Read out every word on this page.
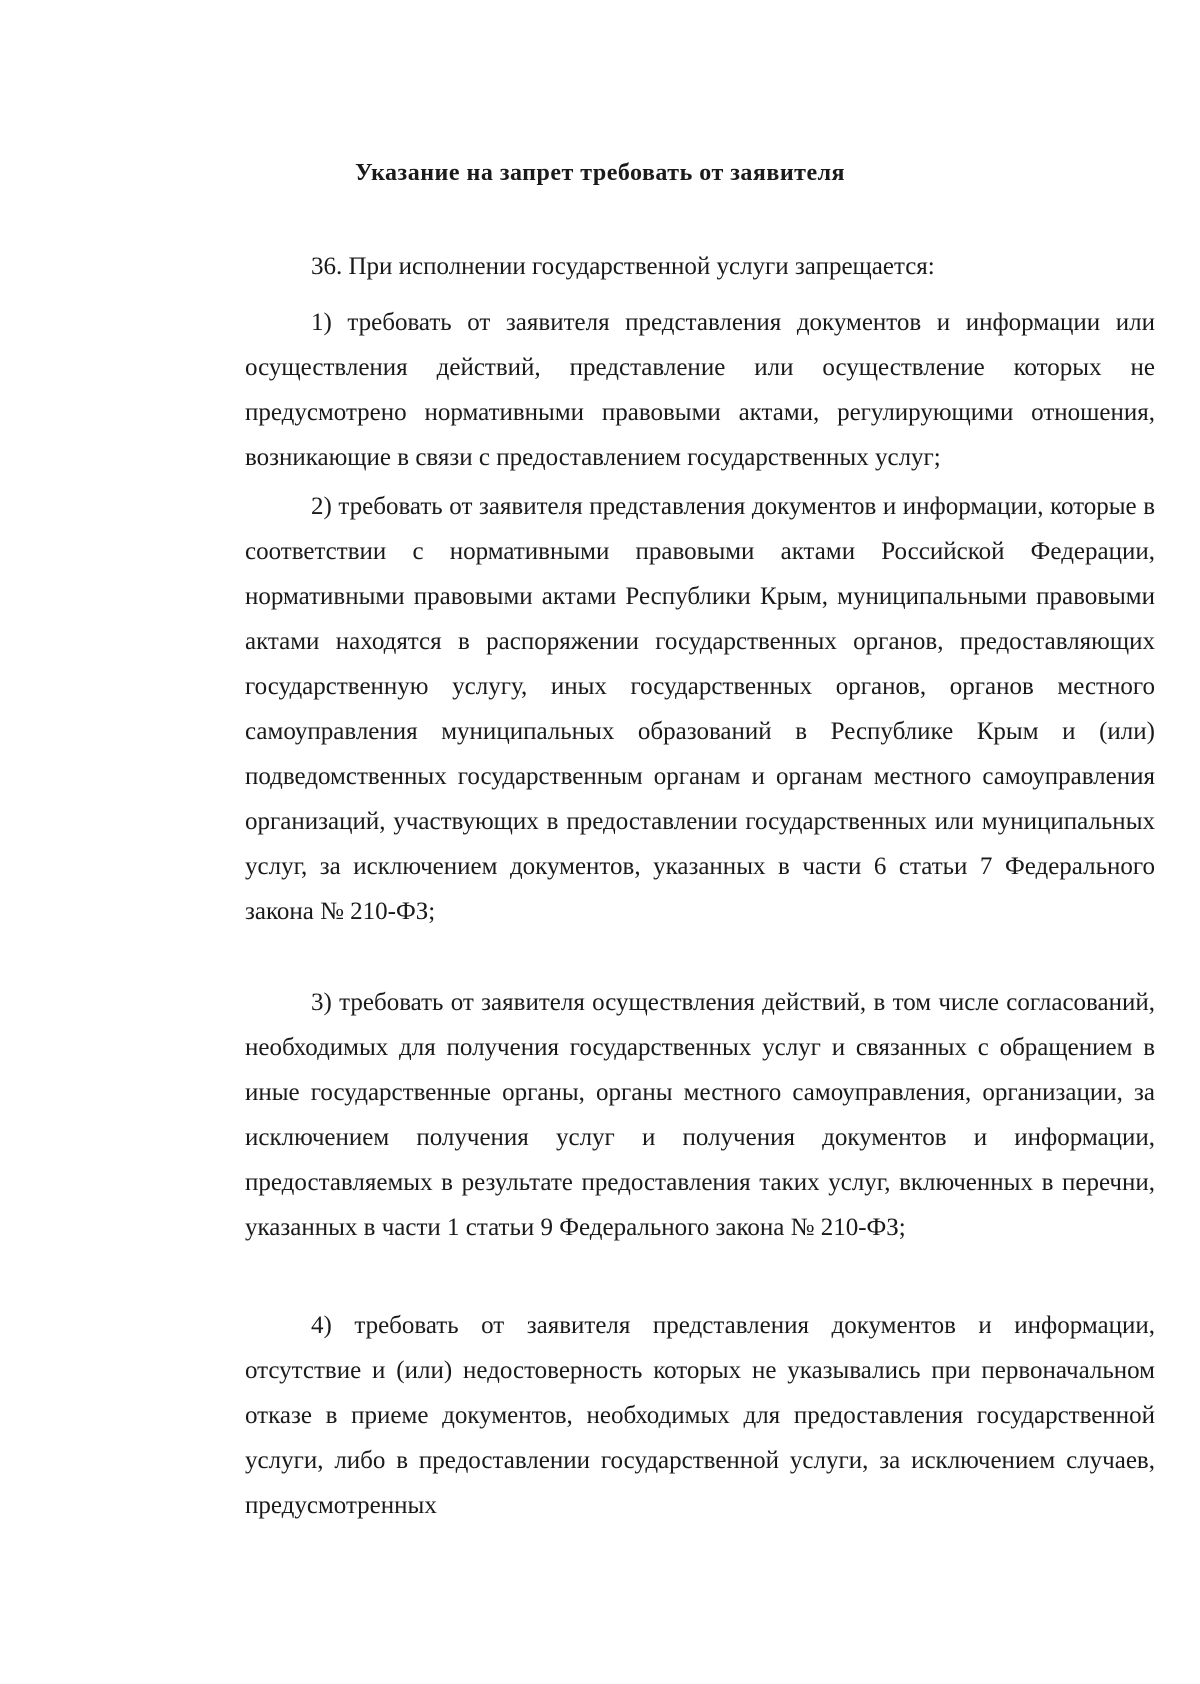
Указание на запрет требовать от заявителя

36. При исполнении государственной услуги запрещается:

1) требовать от заявителя представления документов и информации или осуществления действий, представление или осуществление которых не предусмотрено нормативными правовыми актами, регулирующими отношения, возникающие в связи с предоставлением государственных услуг;

2) требовать от заявителя представления документов и информации, которые в соответствии с нормативными правовыми актами Российской Федерации, нормативными правовыми актами Республики Крым, муниципальными правовыми актами находятся в распоряжении государственных органов, предоставляющих государственную услугу, иных государственных органов, органов местного самоуправления муниципальных образований в Республике Крым и (или) подведомственных государственным органам и органам местного самоуправления организаций, участвующих в предоставлении государственных или муниципальных услуг, за исключением документов, указанных в части 6 статьи 7 Федерального закона № 210-ФЗ;

3) требовать от заявителя осуществления действий, в том числе согласований, необходимых для получения государственных услуг и связанных с обращением в иные государственные органы, органы местного самоуправления, организации, за исключением получения услуг и получения документов и информации, предоставляемых в результате предоставления таких услуг, включенных в перечни, указанных в части 1 статьи 9 Федерального закона № 210-ФЗ;

4) требовать от заявителя представления документов и информации, отсутствие и (или) недостоверность которых не указывались при первоначальном отказе в приеме документов, необходимых для предоставления государственной услуги, либо в предоставлении государственной услуги, за исключением случаев, предусмотренных
